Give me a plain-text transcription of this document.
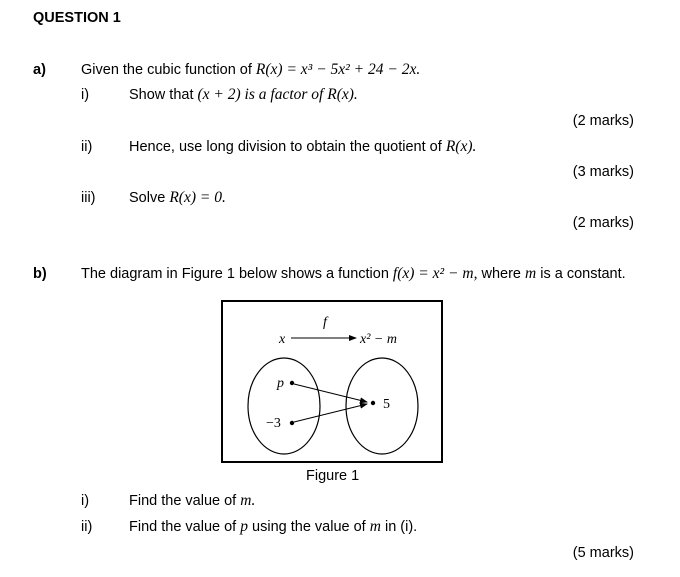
QUESTION 1
a) Given the cubic function of R(x) = x³ − 5x² + 24 − 2x.
i)	Show that (x + 2) is a factor of R(x).
(2 marks)
ii)	Hence, use long division to obtain the quotient of R(x).
(3 marks)
iii) Solve R(x) = 0.
(2 marks)
b) The diagram in Figure 1 below shows a function f(x) = x² − m, where m is a constant.
x
f
x² − m
p
−3
5
Figure 1
i)	Find the value of m.
ii)	Find the value of p using the value of m in (i).
(5 marks)
